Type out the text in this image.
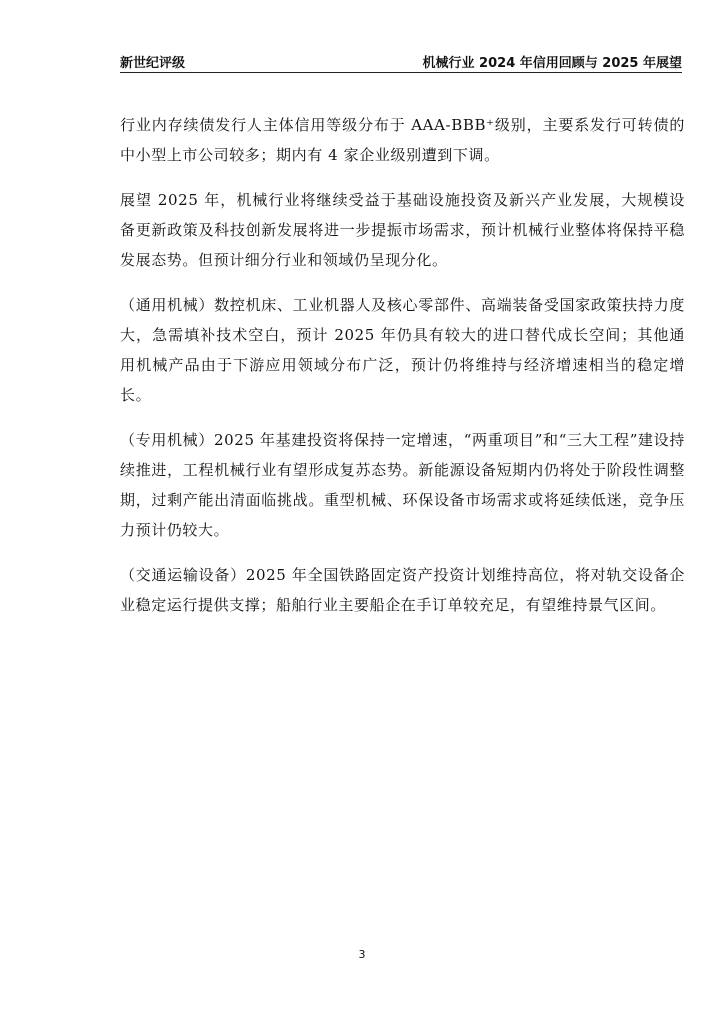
新世纪评级	机械行业 2024 年信用回顾与 2025 年展望

行业内存续债发行人主体信用等级分布于 AAA-BBB⁺级别，主要系发行可转债的中小型上市公司较多；期内有 4 家企业级别遭到下调。

展望 2025 年，机械行业将继续受益于基础设施投资及新兴产业发展，大规模设备更新政策及科技创新发展将进一步提振市场需求，预计机械行业整体将保持平稳发展态势。但预计细分行业和领域仍呈现分化。

（通用机械）数控机床、工业机器人及核心零部件、高端装备受国家政策扶持力度大，急需填补技术空白，预计 2025 年仍具有较大的进口替代成长空间；其他通用机械产品由于下游应用领域分布广泛，预计仍将维持与经济增速相当的稳定增长。

（专用机械）2025 年基建投资将保持一定增速，“两重项目”和“三大工程”建设持续推进，工程机械行业有望形成复苏态势。新能源设备短期内仍将处于阶段性调整期，过剩产能出清面临挑战。重型机械、环保设备市场需求或将延续低迷，竞争压力预计仍较大。

（交通运输设备）2025 年全国铁路固定资产投资计划维持高位，将对轨交设备企业稳定运行提供支撑；船舶行业主要船企在手订单较充足，有望维持景气区间。

3
